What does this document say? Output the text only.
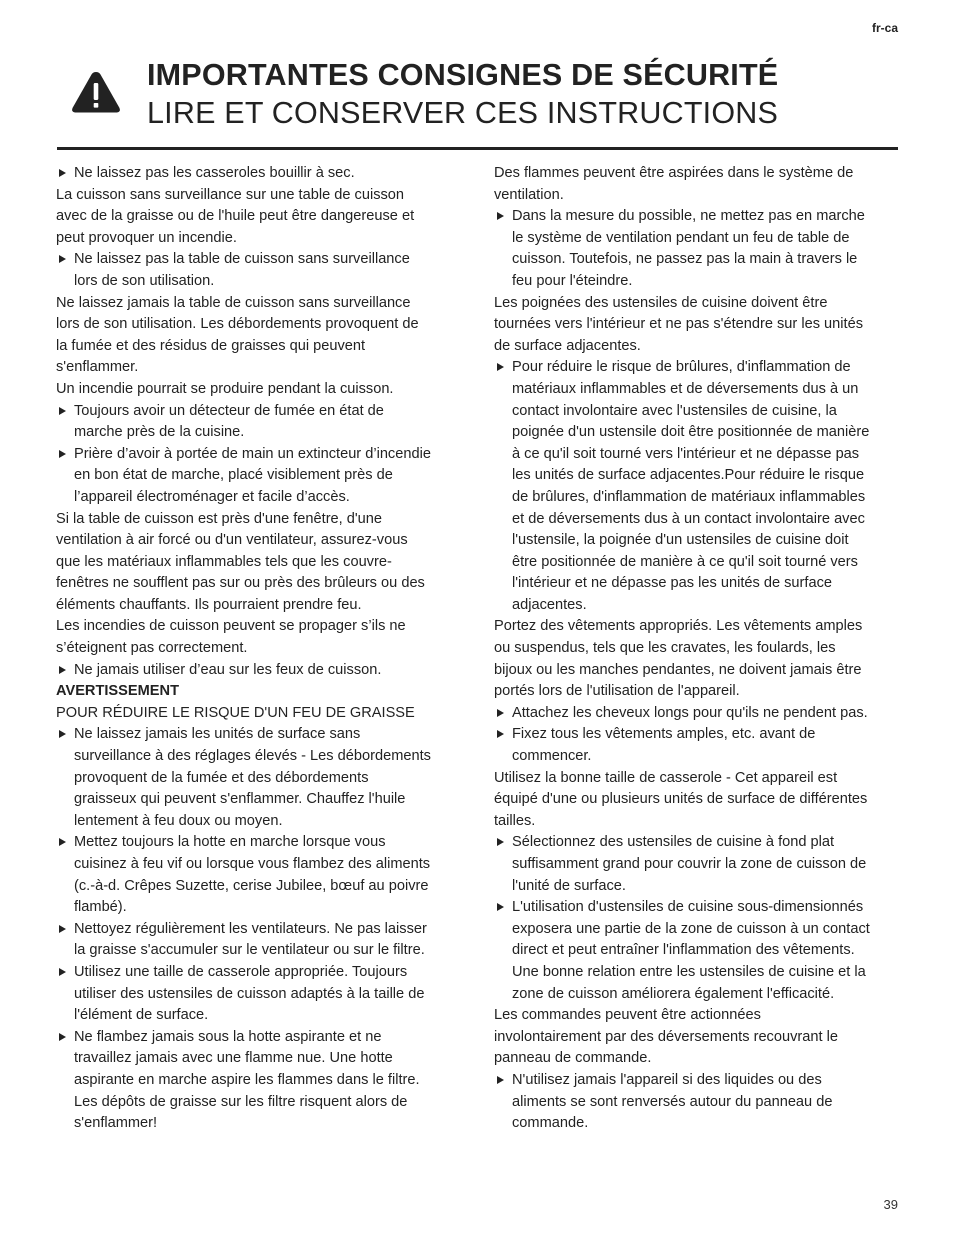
fr-ca
IMPORTANTES CONSIGNES DE SÉCURITÉ
LIRE ET CONSERVER CES INSTRUCTIONS
Ne laissez pas les casseroles bouillir à sec.
La cuisson sans surveillance sur une table de cuisson
avec de la graisse ou de l'huile peut être dangereuse et
peut provoquer un incendie.
Ne laissez pas la table de cuisson sans surveillance
lors de son utilisation.
Ne laissez jamais la table de cuisson sans surveillance
lors de son utilisation. Les débordements provoquent de
la fumée et des résidus de graisses qui peuvent
s'enflammer.
Un incendie pourrait se produire pendant la cuisson.
Toujours avoir un détecteur de fumée en état de
marche près de la cuisine.
Prière d’avoir à portée de main un extincteur d’incendie
en bon état de marche, placé visiblement près de
l’appareil électroménager et facile d’accès.
Si la table de cuisson est près d'une fenêtre, d'une
ventilation à air forcé ou d'un ventilateur, assurez-vous
que les matériaux inflammables tels que les couvre-
fenêtres ne soufflent pas sur ou près des brûleurs ou des
éléments chauffants. Ils pourraient prendre feu.
Les incendies de cuisson peuvent se propager s’ils ne
s’éteignent pas correctement.
Ne jamais utiliser d’eau sur les feux de cuisson.
AVERTISSEMENT
POUR RÉDUIRE LE RISQUE D'UN FEU DE GRAISSE
Ne laissez jamais les unités de surface sans
surveillance à des réglages élevés - Les débordements
provoquent de la fumée et des débordements
graisseux qui peuvent s'enflammer. Chauffez l'huile
lentement à feu doux ou moyen.
Mettez toujours la hotte en marche lorsque vous
cuisinez à feu vif ou lorsque vous flambez des aliments
(c.-à-d. Crêpes Suzette, cerise Jubilee, bœuf au poivre
flambé).
Nettoyez régulièrement les ventilateurs. Ne pas laisser
la graisse s'accumuler sur le ventilateur ou sur le filtre.
Utilisez une taille de casserole appropriée. Toujours
utiliser des ustensiles de cuisson adaptés à la taille de
l'élément de surface.
Ne flambez jamais sous la hotte aspirante et ne
travaillez jamais avec une flamme nue. Une hotte
aspirante en marche aspire les flammes dans le filtre.
Les dépôts de graisse sur les filtre risquent alors de
s'enflammer!
Des flammes peuvent être aspirées dans le système de
ventilation.
Dans la mesure du possible, ne mettez pas en marche
le système de ventilation pendant un feu de table de
cuisson. Toutefois, ne passez pas la main à travers le
feu pour l'éteindre.
Les poignées des ustensiles de cuisine doivent être
tournées vers l'intérieur et ne pas s'étendre sur les unités
de surface adjacentes.
Pour réduire le risque de brûlures, d'inflammation de
matériaux inflammables et de déversements dus à un
contact involontaire avec l'ustensiles de cuisine, la
poignée d'un ustensile doit être positionnée de manière
à ce qu'il soit tourné vers l'intérieur et ne dépasse pas
les unités de surface adjacentes.Pour réduire le risque
de brûlures, d'inflammation de matériaux inflammables
et de déversements dus à un contact involontaire avec
l'ustensile, la poignée d'un ustensiles de cuisine doit
être positionnée de manière à ce qu'il soit tourné vers
l'intérieur et ne dépasse pas les unités de surface
adjacentes.
Portez des vêtements appropriés. Les vêtements amples
ou suspendus, tels que les cravates, les foulards, les
bijoux ou les manches pendantes, ne doivent jamais être
portés lors de l'utilisation de l'appareil.
Attachez les cheveux longs pour qu'ils ne pendent pas.
Fixez tous les vêtements amples, etc. avant de
commencer.
Utilisez la bonne taille de casserole - Cet appareil est
équipé d'une ou plusieurs unités de surface de différentes
tailles.
Sélectionnez des ustensiles de cuisine à fond plat
suffisamment grand pour couvrir la zone de cuisson de
l'unité de surface.
L'utilisation d'ustensiles de cuisine sous-dimensionnés
exposera une partie de la zone de cuisson à un contact
direct et peut entraîner l'inflammation des vêtements.
Une bonne relation entre les ustensiles de cuisine et la
zone de cuisson améliorera également l'efficacité.
Les commandes peuvent être actionnées
involontairement par des déversements recouvrant le
panneau de commande.
N'utilisez jamais l'appareil si des liquides ou des
aliments se sont renversés autour du panneau de
commande.
39
